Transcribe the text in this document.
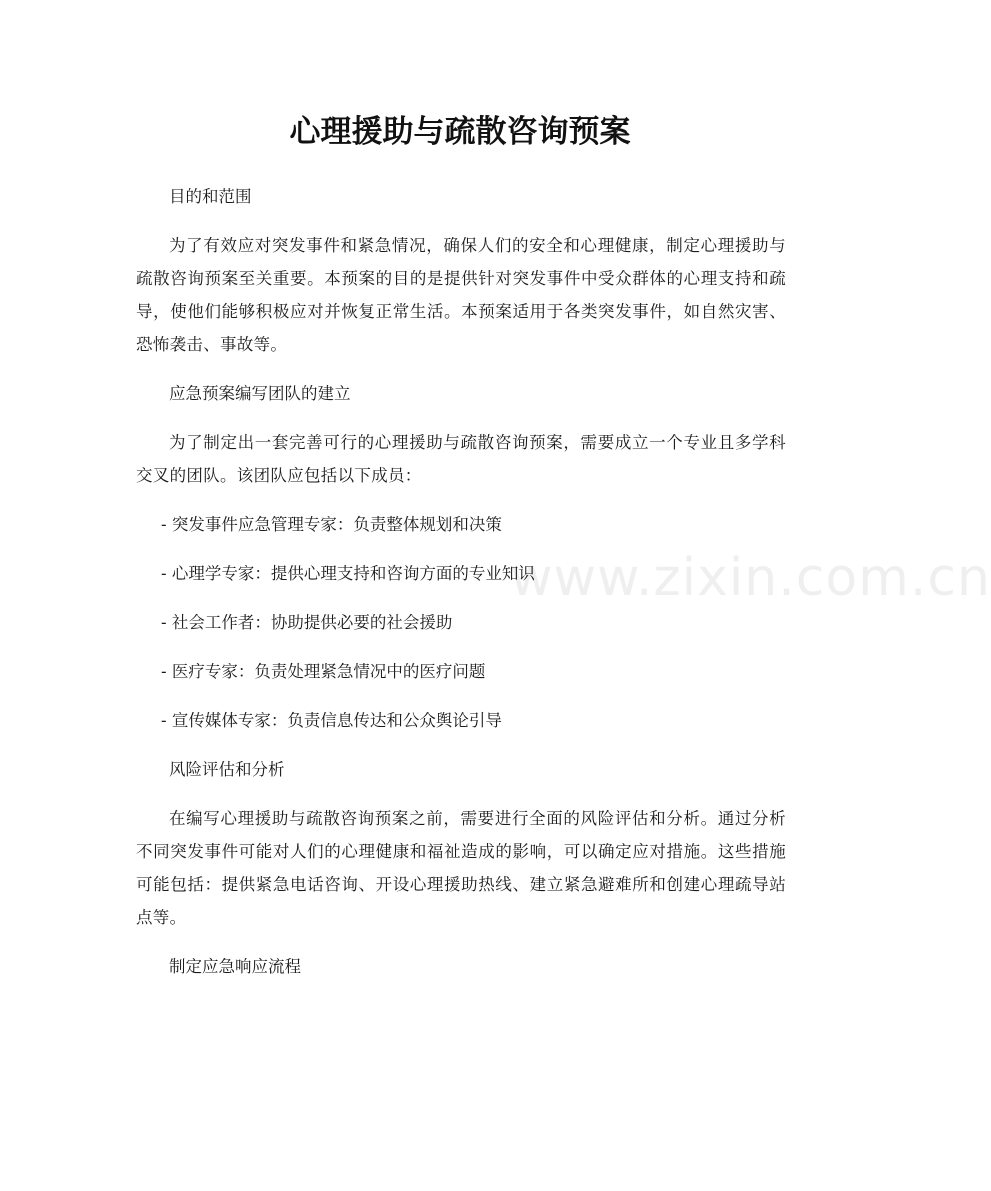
www.zixin.com.cn
心理援助与疏散咨询预案

目的和范围

为了有效应对突发事件和紧急情况，确保人们的安全和心理健康，制定心理援助与疏散咨询预案至关重要。本预案的目的是提供针对突发事件中受众群体的心理支持和疏导，使他们能够积极应对并恢复正常生活。本预案适用于各类突发事件，如自然灾害、恐怖袭击、事故等。

应急预案编写团队的建立

为了制定出一套完善可行的心理援助与疏散咨询预案，需要成立一个专业且多学科交叉的团队。该团队应包括以下成员：

- 突发事件应急管理专家：负责整体规划和决策

- 心理学专家：提供心理支持和咨询方面的专业知识

- 社会工作者：协助提供必要的社会援助

- 医疗专家：负责处理紧急情况中的医疗问题

- 宣传媒体专家：负责信息传达和公众舆论引导

风险评估和分析

在编写心理援助与疏散咨询预案之前，需要进行全面的风险评估和分析。通过分析不同突发事件可能对人们的心理健康和福祉造成的影响，可以确定应对措施。这些措施可能包括：提供紧急电话咨询、开设心理援助热线、建立紧急避难所和创建心理疏导站点等。

制定应急响应流程
